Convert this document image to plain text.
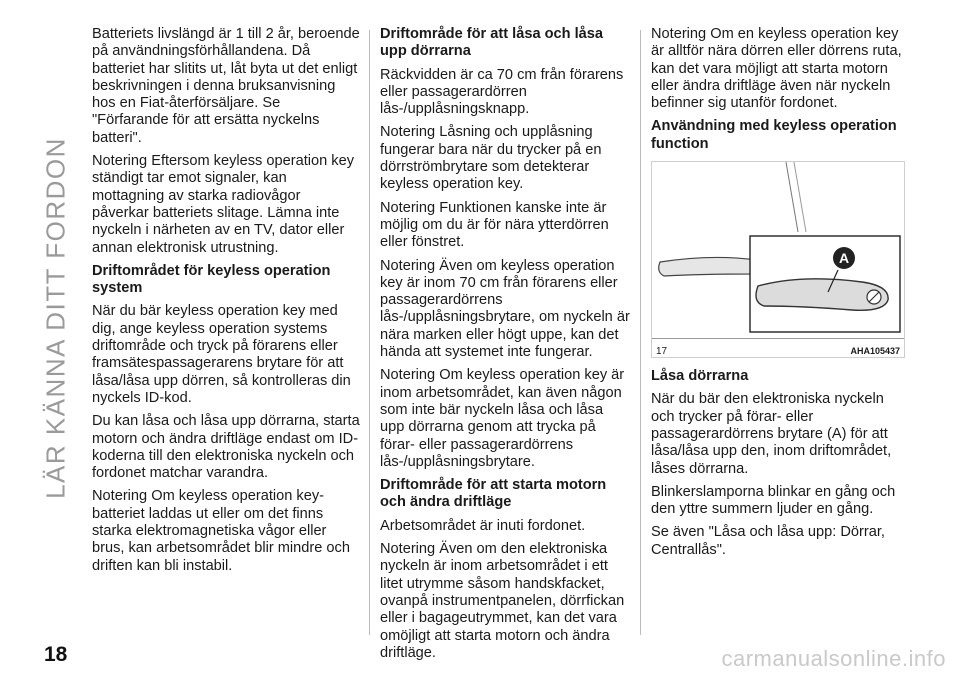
LÄR KÄNNA DITT FORDON
18

Batteriets livslängd är 1 till 2 år, beroende på användningsförhållandena. Då batteriet har slitits ut, låt byta ut det enligt beskrivningen i denna bruksanvisning hos en Fiat-återförsäljare. Se "Förfarande för att ersätta nyckelns batteri".

Notering Eftersom keyless operation key ständigt tar emot signaler, kan mottagning av starka radiovågor påverkar batteriets slitage. Lämna inte nyckeln i närheten av en TV, dator eller annan elektronisk utrustning.

Driftområdet för keyless operation system

När du bär keyless operation key med dig, ange keyless operation systems driftområde och tryck på förarens eller framsätespassagerarens brytare för att låsa/låsa upp dörren, så kontrolleras din nyckels ID-kod.

Du kan låsa och låsa upp dörrarna, starta motorn och ändra driftläge endast om ID-koderna till den elektroniska nyckeln och fordonet matchar varandra.

Notering Om keyless operation key-batteriet laddas ut eller om det finns starka elektromagnetiska vågor eller brus, kan arbetsområdet blir mindre och driften kan bli instabil.

Driftområde för att låsa och låsa upp dörrarna

Räckvidden är ca 70 cm från förarens eller passagerardörren lås-/upplåsningsknapp.

Notering Låsning och upplåsning fungerar bara när du trycker på en dörrströmbrytare som detekterar keyless operation key.

Notering Funktionen kanske inte är möjlig om du är för nära ytterdörren eller fönstret.

Notering Även om keyless operation key är inom 70 cm från förarens eller passagerardörrens lås-/upplåsningsbrytare, om nyckeln är nära marken eller högt uppe, kan det hända att systemet inte fungerar.

Notering Om keyless operation key är inom arbetsområdet, kan även någon som inte bär nyckeln låsa och låsa upp dörrarna genom att trycka på förar- eller passagerardörrens lås-/upplåsningsbrytare.

Driftområde för att starta motorn och ändra driftläge

Arbetsområdet är inuti fordonet.

Notering Även om den elektroniska nyckeln är inom arbetsområdet i ett litet utrymme såsom handskfacket, ovanpå instrumentpanelen, dörrfickan eller i bagageutrymmet, kan det vara omöjligt att starta motorn och ändra driftläge.

Notering Om en keyless operation key är alltför nära dörren eller dörrens ruta, kan det vara möjligt att starta motorn eller ändra driftläge även när nyckeln befinner sig utanför fordonet.

Användning med keyless operation function
A
17	AHA105437
Låsa dörrarna

När du bär den elektroniska nyckeln och trycker på förar- eller passagerardörrens brytare (A) för att låsa/låsa upp den, inom driftområdet, låses dörrarna.

Blinkerslamporna blinkar en gång och den yttre summern ljuder en gång.

Se även "Låsa och låsa upp: Dörrar, Centrallås".

carmanualsonline.info
